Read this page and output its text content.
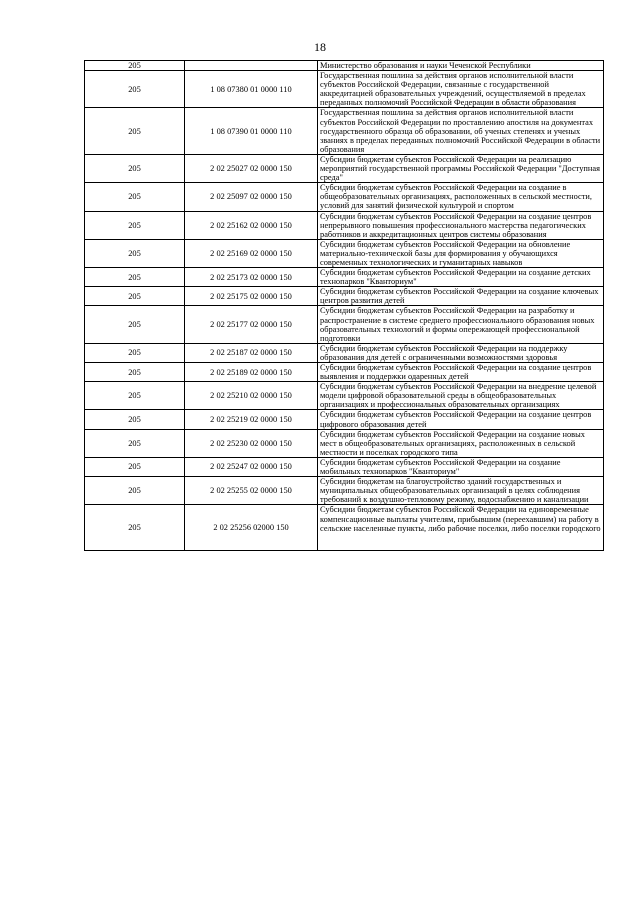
18
205		Министерство образования и науки Чеченской Республики
205	1 08 07380 01 0000 110	Государственная пошлина за действия органов исполнительной власти субъектов Российской Федерации, связанные с государственной аккредитацией образовательных учреждений, осуществляемой в пределах переданных полномочий Российской Федерации в области образования
205	1 08 07390 01 0000 110	Государственная пошлина за действия органов исполнительной власти субъектов Российской Федерации по проставлению апостиля на документах государственного образца об образовании, об ученых степенях и ученых званиях в пределах переданных полномочий Российской Федерации в области образования
205	2 02 25027 02 0000 150	Субсидии бюджетам субъектов Российской Федерации на реализацию мероприятий государственной программы Российской Федерации "Доступная среда"
205	2 02 25097 02 0000 150	Субсидии бюджетам субъектов Российской Федерации на создание в общеобразовательных организациях, расположенных в сельской местности, условий для занятий физической культурой и спортом
205	2 02 25162 02 0000 150	Субсидии бюджетам субъектов Российской Федерации на создание центров непрерывного повышения профессионального мастерства педагогических работников и аккредитационных центров системы образования
205	2 02 25169 02 0000 150	Субсидии бюджетам субъектов Российской Федерации на обновление материально-технической базы для формирования у обучающихся современных технологических и гуманитарных навыков
205	2 02 25173 02 0000 150	Субсидии бюджетам субъектов Российской Федерации на создание детских технопарков "Кванториум"
205	2 02 25175 02 0000 150	Субсидии бюджетам субъектов Российской Федерации на создание ключевых центров развития детей
205	2 02 25177 02 0000 150	Субсидии бюджетам субъектов Российской Федерации на разработку и распространение в системе среднего профессионального образования новых образовательных технологий и формы опережающей профессиональной подготовки
205	2 02 25187 02 0000 150	Субсидии бюджетам субъектов Российской Федерации на поддержку образования для детей с ограниченными возможностями здоровья
205	2 02 25189 02 0000 150	Субсидии бюджетам субъектов Российской Федерации на создание центров выявления и поддержки одаренных детей
205	2 02 25210 02 0000 150	Субсидии бюджетам субъектов Российской Федерации на внедрение целевой модели цифровой образовательной среды в общеобразовательных организациях и профессиональных образовательных организациях
205	2 02 25219 02 0000 150	Субсидии бюджетам субъектов Российской Федерации на создание центров цифрового образования детей
205	2 02 25230 02 0000 150	Субсидии бюджетам субъектов Российской Федерации на создание новых мест в общеобразовательных организациях, расположенных в сельской местности и поселках городского типа
205	2 02 25247 02 0000 150	Субсидии бюджетам субъектов Российской Федерации на создание мобильных технопарков "Кванториум"
205	2 02 25255 02 0000 150	Субсидии бюджетам на благоустройство зданий государственных и муниципальных общеобразовательных организаций в целях соблюдения требований к воздушно-тепловому режиму, водоснабжению и канализации
205	2 02 25256 02000 150	Субсидии бюджетам субъектов Российской Федерации на единовременные компенсационные выплаты учителям, прибывшим (переехавшим) на работу в сельские населенные пункты, либо рабочие поселки, либо поселки городского
